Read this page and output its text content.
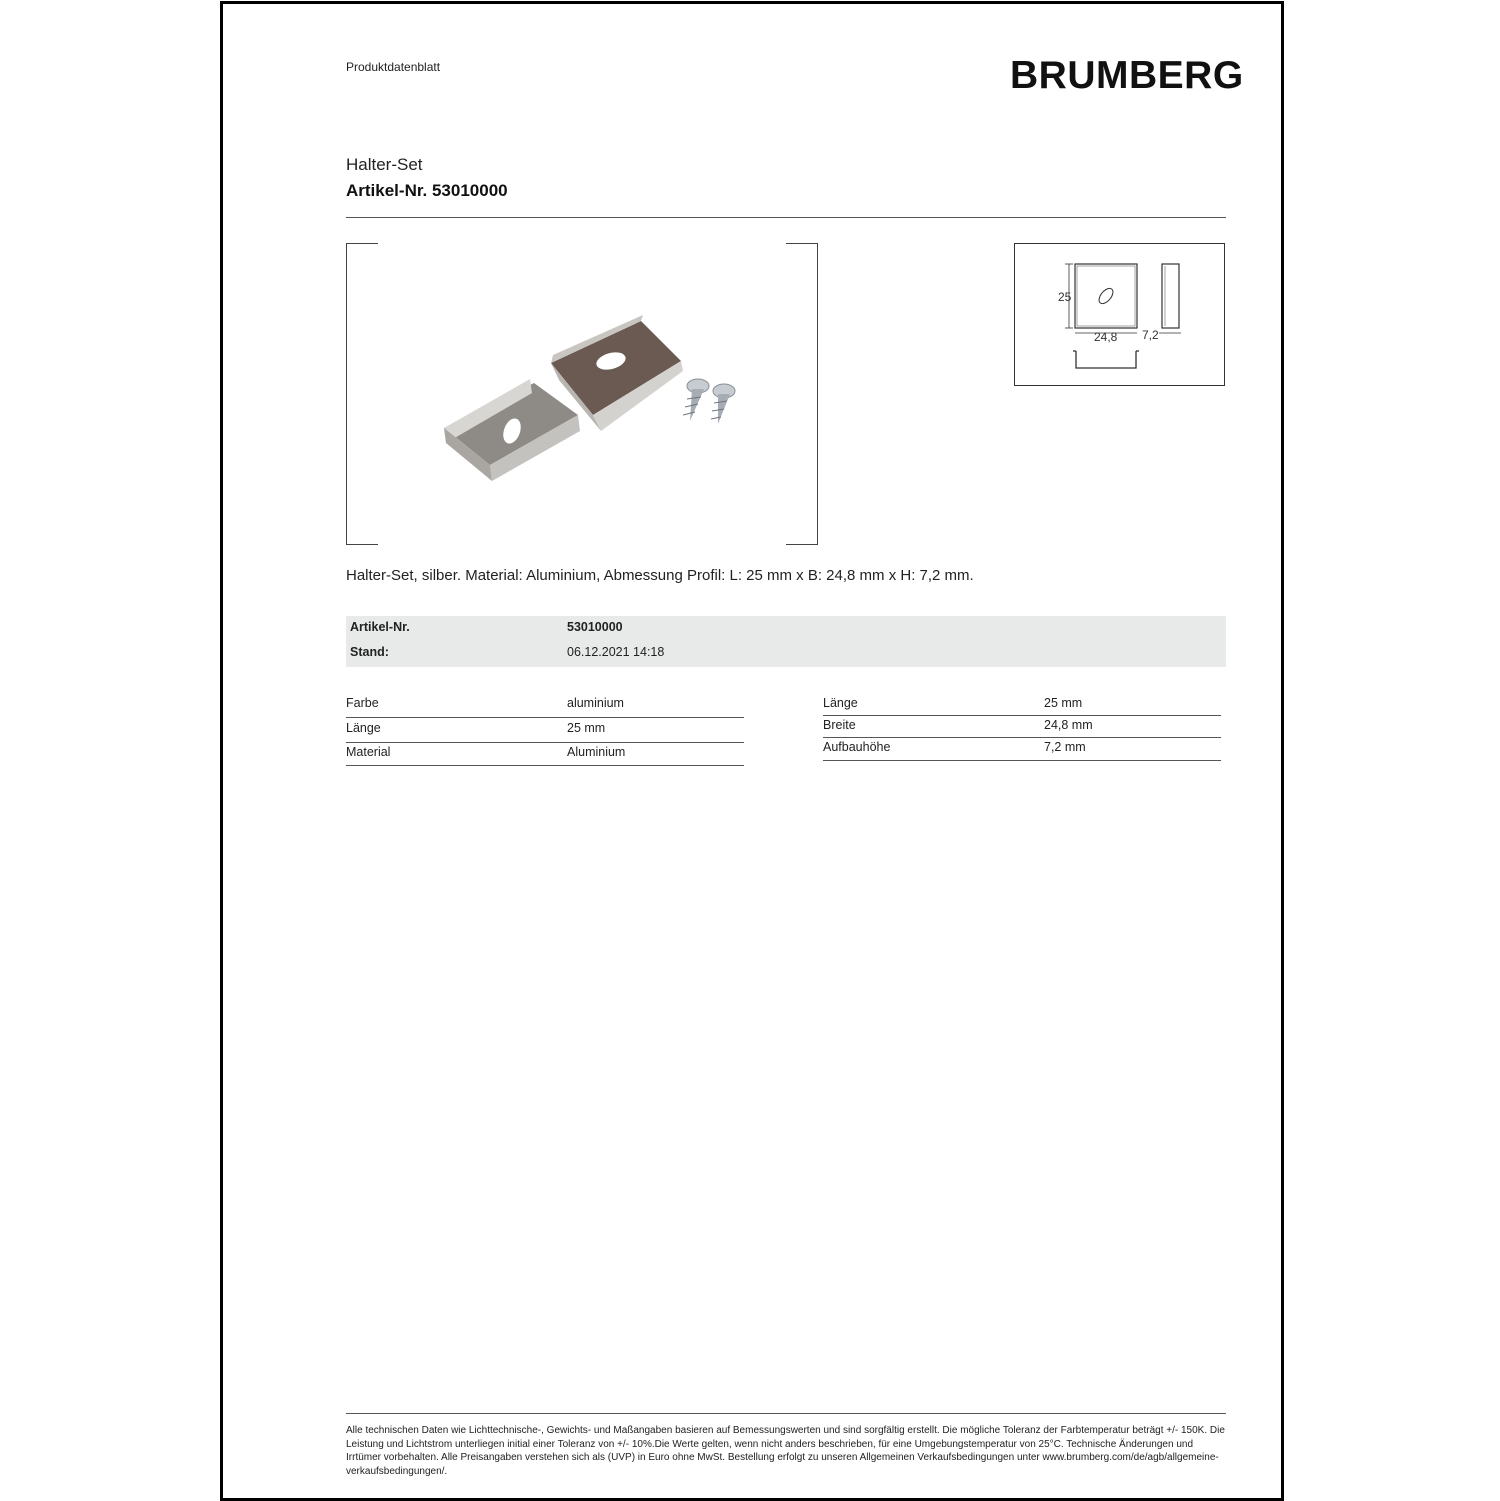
Produktdatenblatt	BRUMBERG
Halter-Set
Artikel-Nr. 53010000
25
24,8 7,2
Halter-Set, silber. Material: Aluminium, Abmessung Profil: L: 25 mm x B: 24,8 mm x H: 7,2 mm.
Artikel-Nr.	53010000
Stand:	06.12.2021 14:18
Farbe	aluminium
Länge	25 mm
Material	Aluminium
Länge	25 mm
Breite	24,8 mm
Aufbauhöhe	7,2 mm
Alle technischen Daten wie Lichttechnische-, Gewichts- und Maßangaben basieren auf Bemessungswerten und sind sorgfältig erstellt. Die mögliche Toleranz der Farbtemperatur beträgt +/- 150K. Die Leistung und Lichtstrom unterliegen initial einer Toleranz von +/- 10%.Die Werte gelten, wenn nicht anders beschrieben, für eine Umgebungstemperatur von 25°C. Technische Änderungen und Irrtümer vorbehalten. Alle Preisangaben verstehen sich als (UVP) in Euro ohne MwSt. Bestellung erfolgt zu unseren Allgemeinen Verkaufsbedingungen unter www.brumberg.com/de/agb/allgemeine-verkaufsbedingungen/.
